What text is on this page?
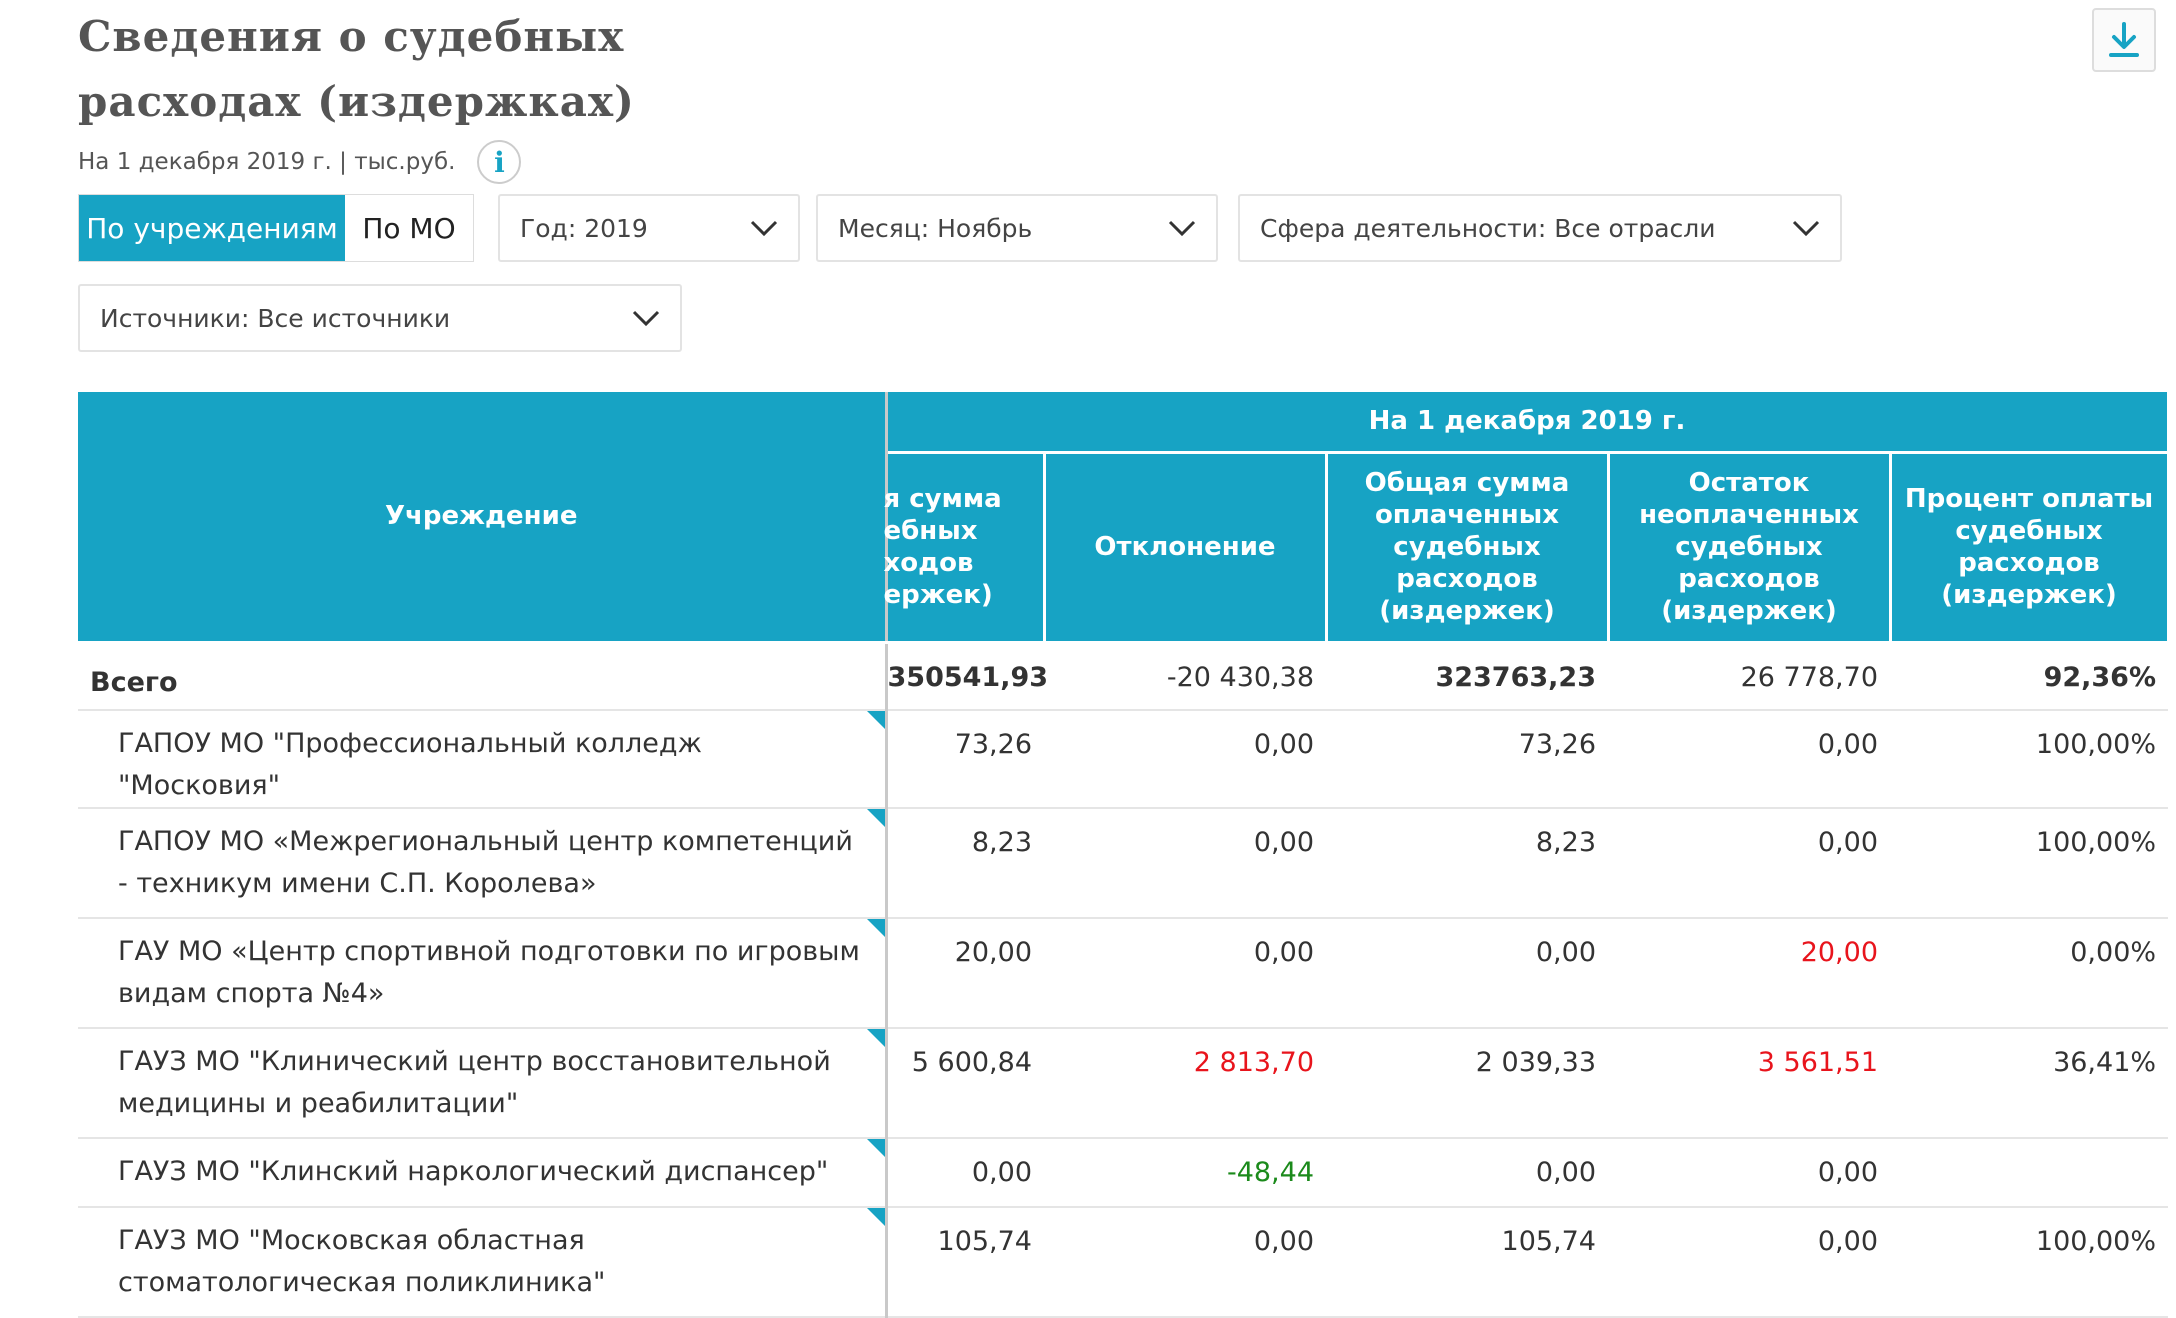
Сведения о судебных расходах (издержках)
На 1 декабря 2019 г. | тыс.руб.	i
По учреждениям По МО	Год: 2019	Месяц: Ноябрь	Сфера деятельности: Все отрасли
Источники: Все источники
Учреждение	На 1 декабря 2019 г.				

	я сумма ебных ходов ержек)	Отклонение	Общая сумма оплаченных судебных расходов (издержек)	Остаток неоплаченных судебных расходов (издержек)	Процент оплаты судебных расходов (издержек)
Всего	350541,93	-20 430,38	323763,23	26 778,70	92,36%

ГАПОУ МО "Профессиональный колледж "Московия"	73,26	0,00	73,26	0,00	100,00%

ГАПОУ МО «Межрегиональный центр компетенций - техникум имени С.П. Королева»	8,23	0,00	8,23	0,00	100,00%

ГАУ МО «Центр спортивной подготовки по игровым видам спорта №4»	20,00	0,00	0,00	20,00	0,00%

ГАУЗ МО "Клинический центр восстановительной медицины и реабилитации"	5 600,84	2 813,70	2 039,33	3 561,51	36,41%

ГАУЗ МО "Клинский наркологический диспансер"	0,00	-48,44	0,00	0,00	

ГАУЗ МО "Московская областная стоматологическая поликлиника"	105,74	0,00	105,74	0,00	100,00%
